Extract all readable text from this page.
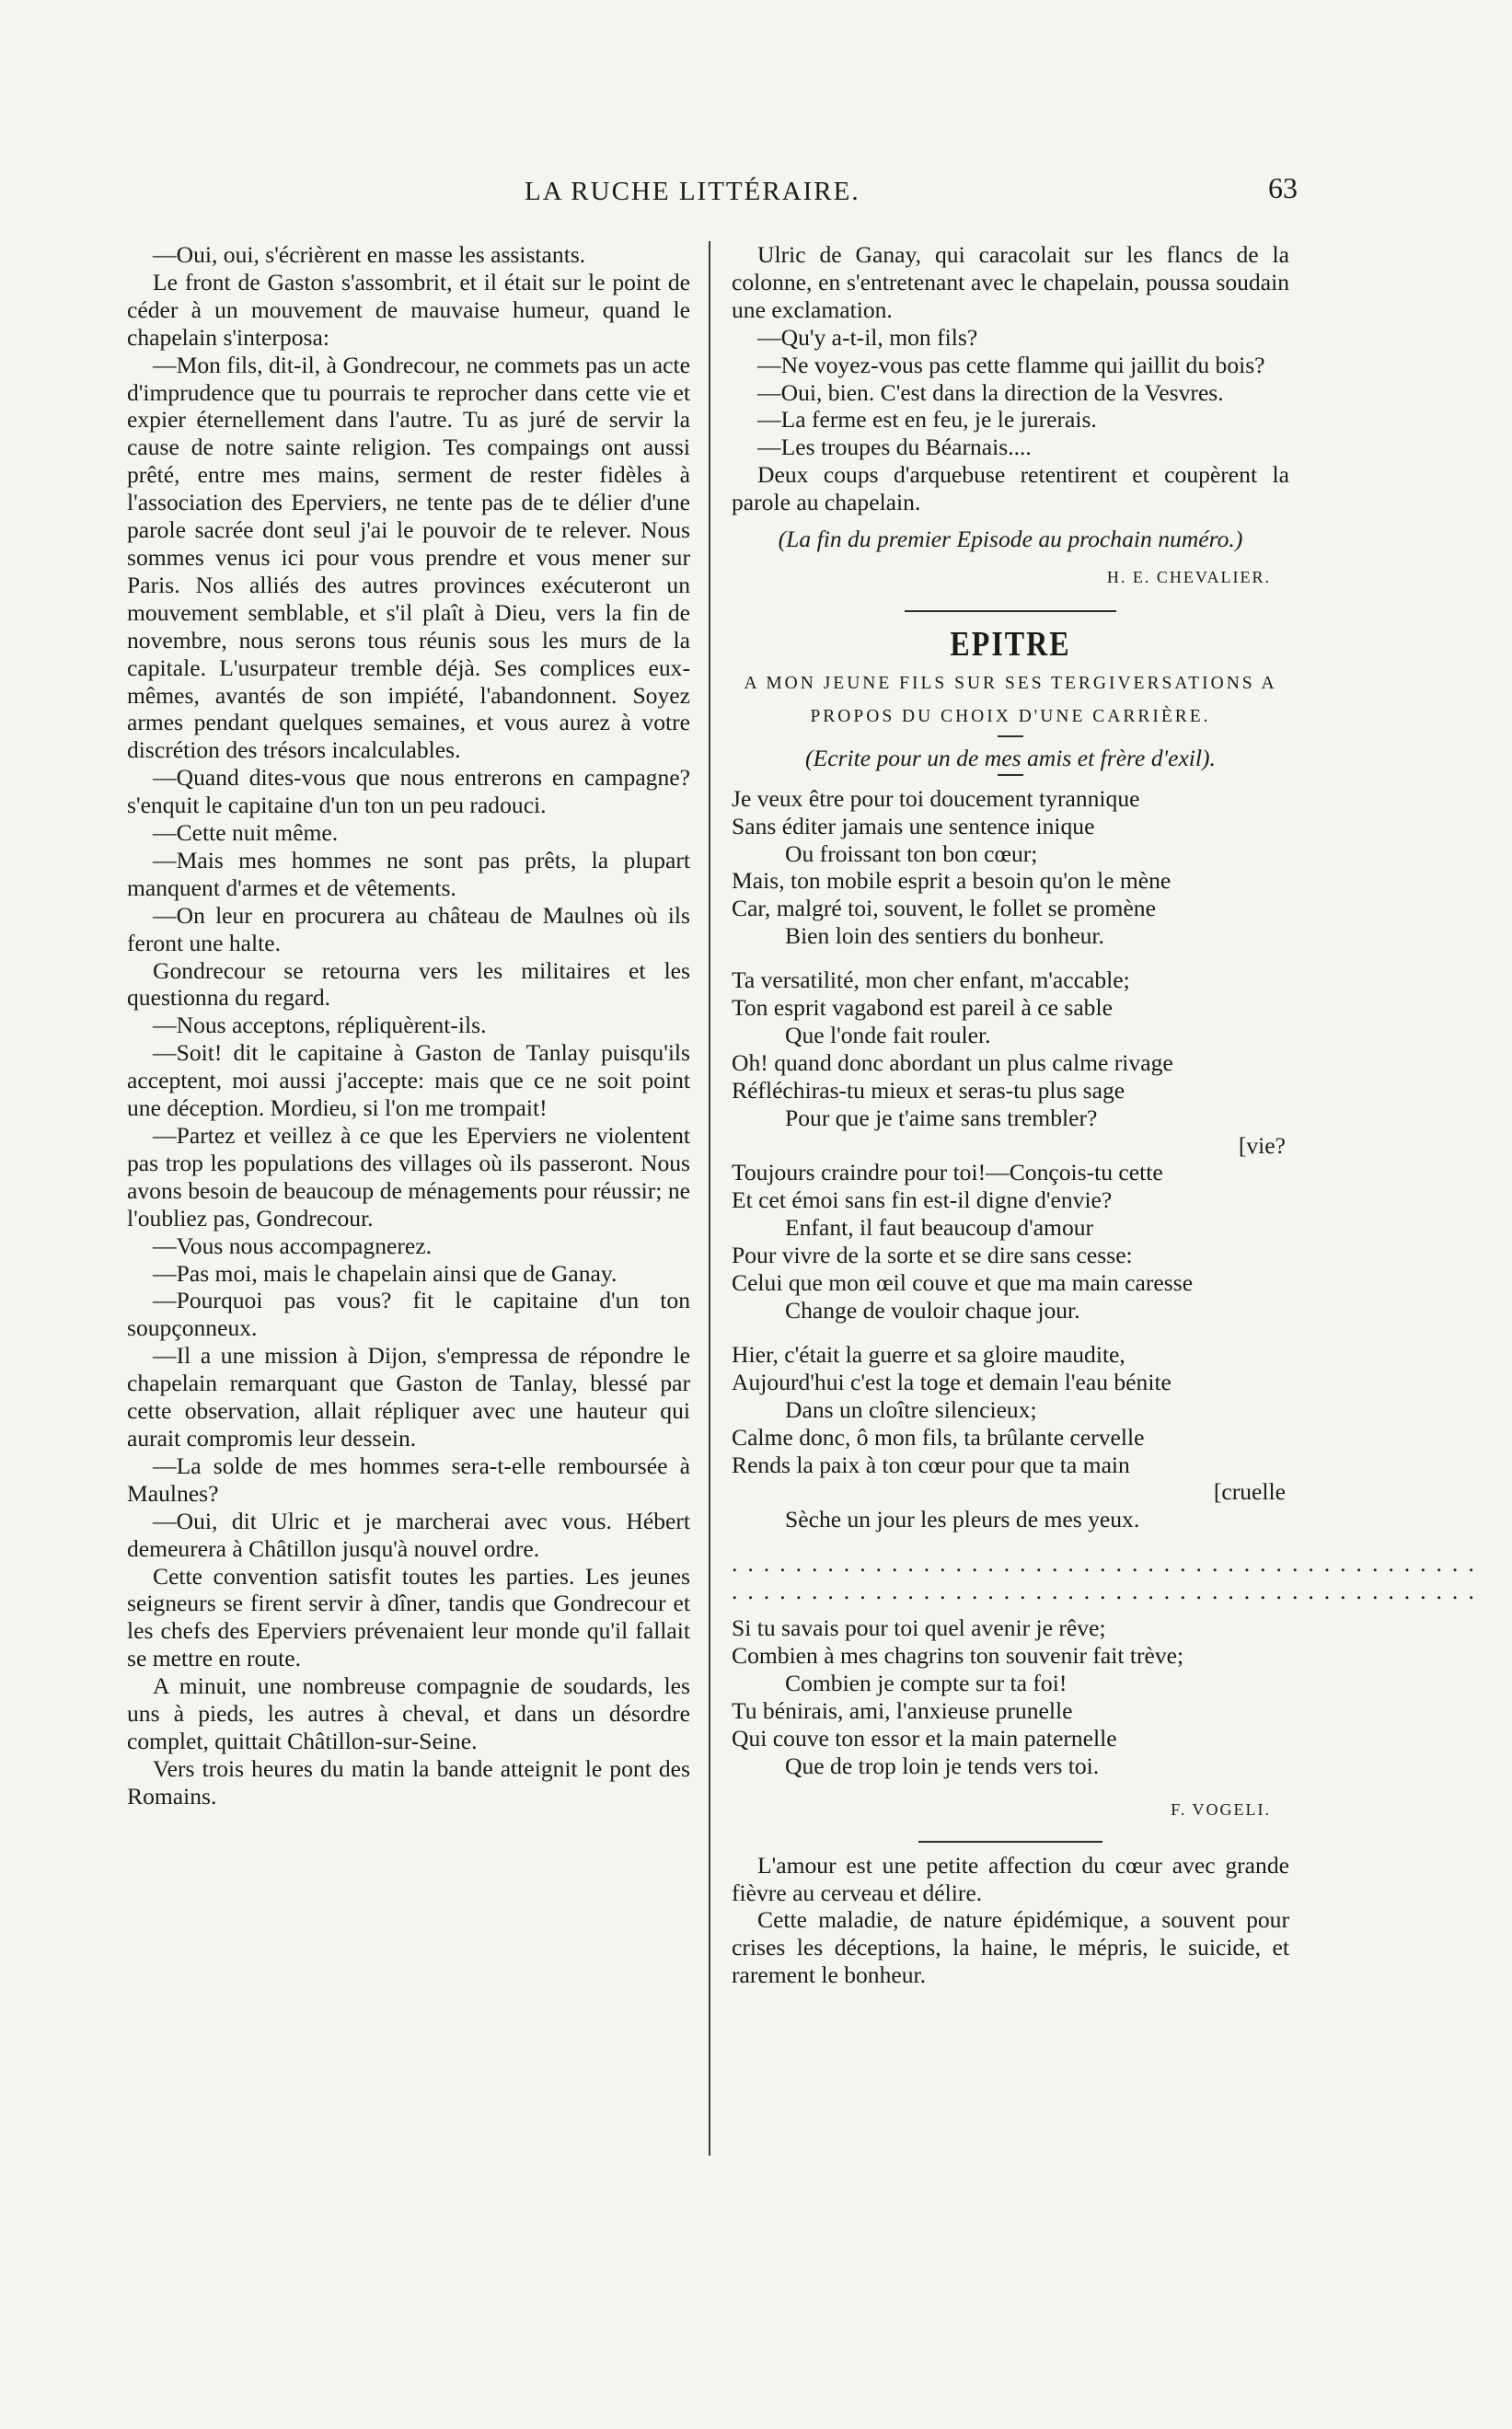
LA RUCHE LITTÉRAIRE.	63

—Oui, oui, s'écrièrent en masse les assistants.

Le front de Gaston s'assombrit, et il était sur le point de céder à un mouvement de mauvaise humeur, quand le chapelain s'interposa:

—Mon fils, dit-il, à Gondrecour, ne commets pas un acte d'imprudence que tu pourrais te reprocher dans cette vie et expier éternellement dans l'autre. Tu as juré de servir la cause de notre sainte religion. Tes compaings ont aussi prêté, entre mes mains, serment de rester fidèles à l'association des Eperviers, ne tente pas de te délier d'une parole sacrée dont seul j'ai le pouvoir de te relever. Nous sommes venus ici pour vous prendre et vous mener sur Paris. Nos alliés des autres provinces exécuteront un mouvement semblable, et s'il plaît à Dieu, vers la fin de novembre, nous serons tous réunis sous les murs de la capitale. L'usurpateur tremble déjà. Ses complices eux-mêmes, avantés de son impiété, l'abandonnent. Soyez armes pendant quelques semaines, et vous aurez à votre discrétion des trésors incalculables.

—Quand dites-vous que nous entrerons en campagne? s'enquit le capitaine d'un ton un peu radouci.

—Cette nuit même.

—Mais mes hommes ne sont pas prêts, la plupart manquent d'armes et de vêtements.

—On leur en procurera au château de Maulnes où ils feront une halte.

Gondrecour se retourna vers les militaires et les questionna du regard.

—Nous acceptons, répliquèrent-ils.

—Soit! dit le capitaine à Gaston de Tanlay puisqu'ils acceptent, moi aussi j'accepte: mais que ce ne soit point une déception. Mordieu, si l'on me trompait!

—Partez et veillez à ce que les Eperviers ne violentent pas trop les populations des villages où ils passeront. Nous avons besoin de beaucoup de ménagements pour réussir; ne l'oubliez pas, Gondrecour.

—Vous nous accompagnerez.

—Pas moi, mais le chapelain ainsi que de Ganay.

—Pourquoi pas vous? fit le capitaine d'un ton soupçonneux.

—Il a une mission à Dijon, s'empressa de répondre le chapelain remarquant que Gaston de Tanlay, blessé par cette observation, allait répliquer avec une hauteur qui aurait compromis leur dessein.

—La solde de mes hommes sera-t-elle remboursée à Maulnes?

—Oui, dit Ulric et je marcherai avec vous. Hébert demeurera à Châtillon jusqu'à nouvel ordre.

Cette convention satisfit toutes les parties. Les jeunes seigneurs se firent servir à dîner, tandis que Gondrecour et les chefs des Eperviers prévenaient leur monde qu'il fallait se mettre en route.

A minuit, une nombreuse compagnie de soudards, les uns à pieds, les autres à cheval, et dans un désordre complet, quittait Châtillon-sur-Seine.

Vers trois heures du matin la bande atteignit le pont des Romains.

Ulric de Ganay, qui caracolait sur les flancs de la colonne, en s'entretenant avec le chapelain, poussa soudain une exclamation.

—Qu'y a-t-il, mon fils?

—Ne voyez-vous pas cette flamme qui jaillit du bois?

—Oui, bien. C'est dans la direction de la Vesvres.

—La ferme est en feu, je le jurerais.

—Les troupes du Béarnais....

Deux coups d'arquebuse retentirent et coupèrent la parole au chapelain.

(La fin du premier Episode au prochain numéro.)
H. E. CHEVALIER.
EPITRE
A MON JEUNE FILS SUR SES TERGIVERSATIONS A
PROPOS DU CHOIX D'UNE CARRIÈRE.
(Ecrite pour un de mes amis et frère d'exil).
Je veux être pour toi doucement tyrannique
Sans éditer jamais une sentence inique
Ou froissant ton bon cœur;
Mais, ton mobile esprit a besoin qu'on le mène
Car, malgré toi, souvent, le follet se promène
Bien loin des sentiers du bonheur.
Ta versatilité, mon cher enfant, m'accable;
Ton esprit vagabond est pareil à ce sable
Que l'onde fait rouler.
Oh! quand donc abordant un plus calme rivage
Réfléchiras-tu mieux et seras-tu plus sage
Pour que je t'aime sans trembler?
[vie?
Toujours craindre pour toi!—Conçois-tu cette
Et cet émoi sans fin est-il digne d'envie?
Enfant, il faut beaucoup d'amour
Pour vivre de la sorte et se dire sans cesse:
Celui que mon œil couve et que ma main caresse
Change de vouloir chaque jour.
Hier, c'était la guerre et sa gloire maudite,
Aujourd'hui c'est la toge et demain l'eau bénite
Dans un cloître silencieux;
Calme donc, ô mon fils, ta brûlante cervelle
Rends la paix à ton cœur pour que ta main
[cruelle
Sèche un jour les pleurs de mes yeux.
...............................................
...............................................
Si tu savais pour toi quel avenir je rêve;
Combien à mes chagrins ton souvenir fait trève;
Combien je compte sur ta foi!
Tu bénirais, ami, l'anxieuse prunelle
Qui couve ton essor et la main paternelle
Que de trop loin je tends vers toi.
F. VOGELI.

L'amour est une petite affection du cœur avec grande fièvre au cerveau et délire.

Cette maladie, de nature épidémique, a souvent pour crises les déceptions, la haine, le mépris, le suicide, et rarement le bonheur.
